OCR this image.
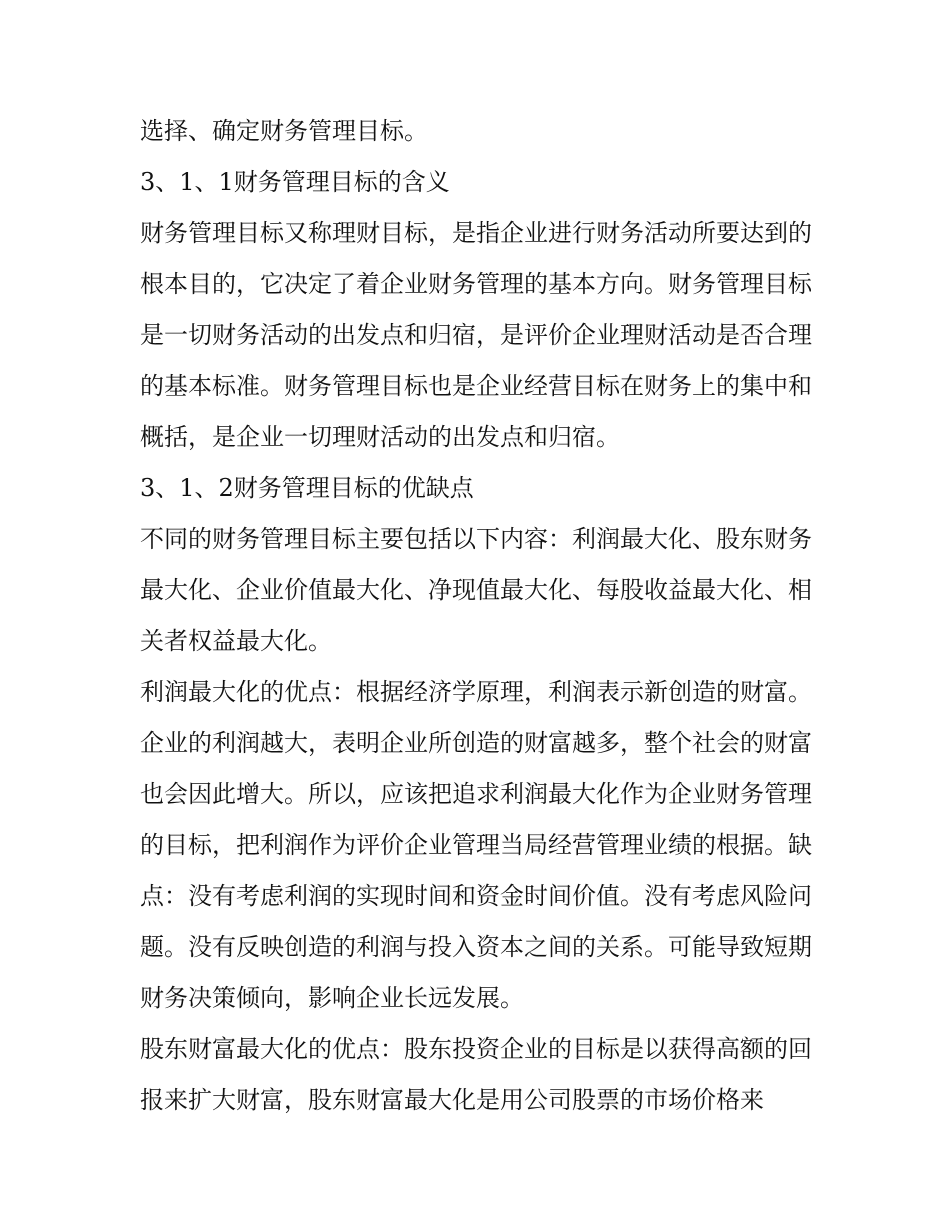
选择、确定财务管理目标。

3、1、1财务管理目标的含义

财务管理目标又称理财目标，是指企业进行财务活动所要达到的根本目的，它决定了着企业财务管理的基本方向。财务管理目标是一切财务活动的出发点和归宿，是评价企业理财活动是否合理的基本标准。财务管理目标也是企业经营目标在财务上的集中和概括，是企业一切理财活动的出发点和归宿。

3、1、2财务管理目标的优缺点

不同的财务管理目标主要包括以下内容：利润最大化、股东财务最大化、企业价值最大化、净现值最大化、每股收益最大化、相关者权益最大化。

利润最大化的优点：根据经济学原理，利润表示新创造的财富。企业的利润越大，表明企业所创造的财富越多，整个社会的财富也会因此增大。所以，应该把追求利润最大化作为企业财务管理的目标，把利润作为评价企业管理当局经营管理业绩的根据。缺点：没有考虑利润的实现时间和资金时间价值。没有考虑风险问题。没有反映创造的利润与投入资本之间的关系。可能导致短期财务决策倾向，影响企业长远发展。

股东财富最大化的优点：股东投资企业的目标是以获得高额的回报来扩大财富，股东财富最大化是用公司股票的市场价格来
